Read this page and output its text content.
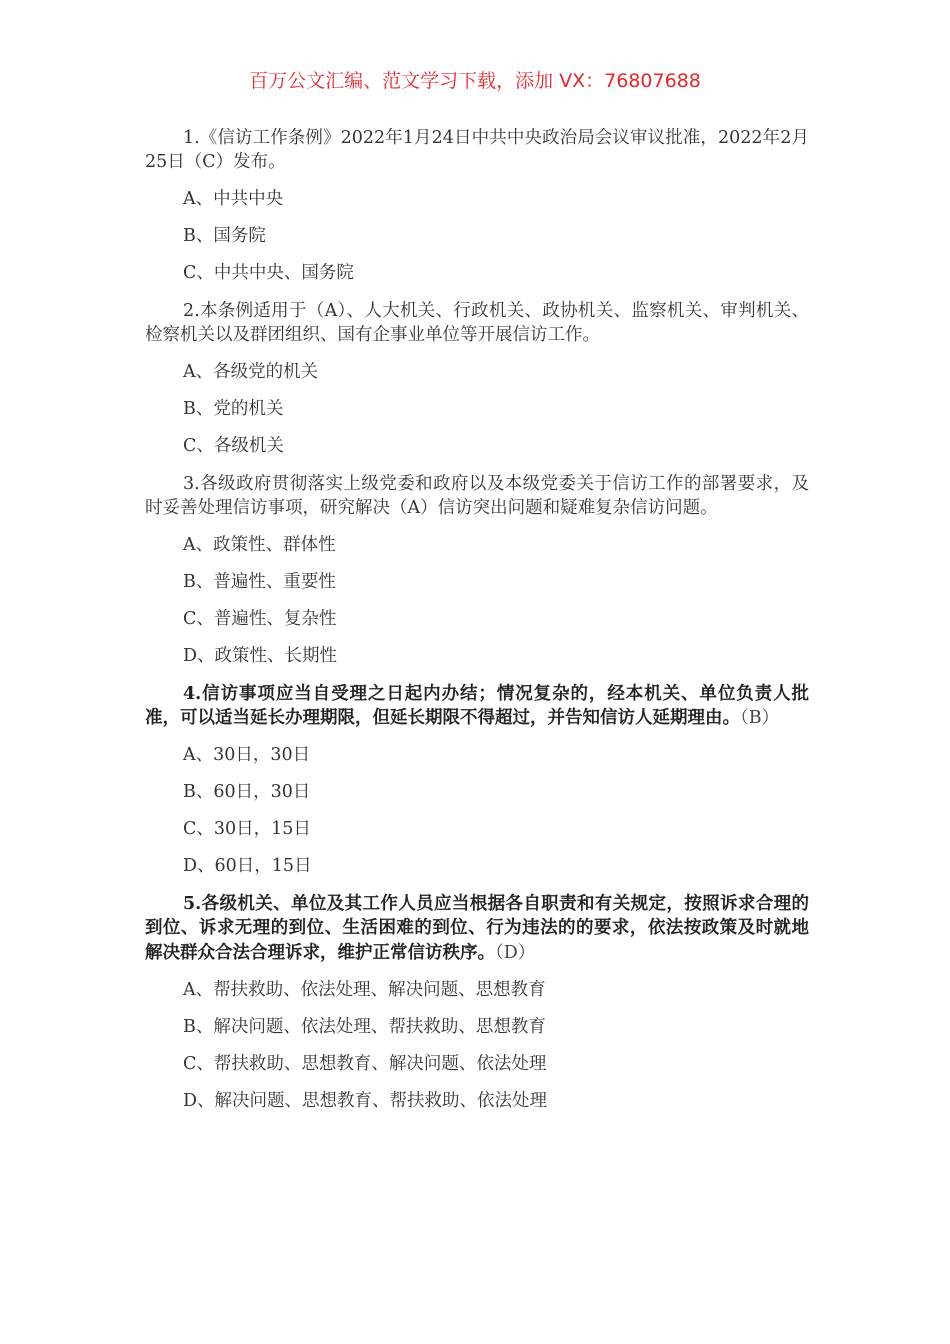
百万公文汇编、范文学习下载，添加 VX：76807688
1.《信访工作条例》2022年1月24日中共中央政治局会议审议批准，2022年2月25日（C）发布。
A、中共中央
B、国务院
C、中共中央、国务院
2.本条例适用于（A）、人大机关、行政机关、政协机关、监察机关、审判机关、检察机关以及群团组织、国有企事业单位等开展信访工作。
A、各级党的机关
B、党的机关
C、各级机关
3.各级政府贯彻落实上级党委和政府以及本级党委关于信访工作的部署要求，及时妥善处理信访事项，研究解决（A）信访突出问题和疑难复杂信访问题。
A、政策性、群体性
B、普遍性、重要性
C、普遍性、复杂性
D、政策性、长期性
4.信访事项应当自受理之日起内办结；情况复杂的，经本机关、单位负责人批准，可以适当延长办理期限，但延长期限不得超过，并告知信访人延期理由。（B）
A、30日，30日
B、60日，30日
C、30日，15日
D、60日，15日
5.各级机关、单位及其工作人员应当根据各自职责和有关规定，按照诉求合理的到位、诉求无理的到位、生活困难的到位、行为违法的的要求，依法按政策及时就地解决群众合法合理诉求，维护正常信访秩序。（D）
A、帮扶救助、依法处理、解决问题、思想教育
B、解决问题、依法处理、帮扶救助、思想教育
C、帮扶救助、思想教育、解决问题、依法处理
D、解决问题、思想教育、帮扶救助、依法处理
